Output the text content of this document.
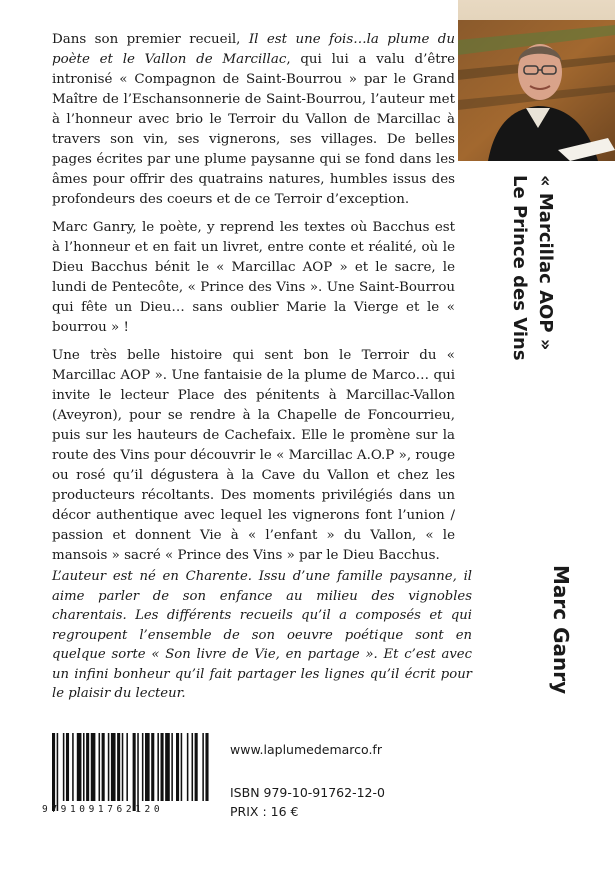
Dans son premier recueil, Il est une fois…la plume du poète et le Vallon de Marcillac, qui lui a valu d’être intronisé « Compagnon de Saint-Bourrou » par le Grand Maître de l’Eschansonnerie de Saint-Bourrou, l’auteur met à l’honneur avec brio le Terroir du Vallon de Marcillac à travers son vin, ses vignerons, ses villages. De belles pages écrites par une plume paysanne qui se fond dans les âmes pour offrir des quatrains natures, humbles issus des profondeurs des coeurs et de ce Terroir d’exception.

Marc Ganry, le poète, y reprend les textes où Bacchus est à l’honneur et en fait un livret, entre conte et réalité, où le Dieu Bacchus bénit le « Marcillac AOP » et le sacre, le lundi de Pentecôte, « Prince des Vins ». Une Saint-Bourrou qui fête un Dieu… sans oublier Marie la Vierge et le « bourrou » !

Une très belle histoire qui sent bon le Terroir du « Marcillac AOP ». Une fantaisie de la plume de Marco… qui invite le lecteur Place des pénitents à Marcillac-Vallon (Aveyron), pour se rendre à la Chapelle de Foncourrieu, puis sur les hauteurs de Cachefaix. Elle le promène sur la route des Vins pour découvrir le « Marcillac A.O.P », rouge ou rosé qu’il dégustera à la Cave du Vallon et chez les producteurs récoltants. Des moments privilégiés dans un décor authentique avec lequel les vignerons font l’union / passion et donnent Vie à « l’enfant » du Vallon, « le mansois » sacré « Prince des Vins » par le Dieu Bacchus.

L’auteur est né en Charente. Issu d’une famille paysanne, il aime parler de son enfance au milieu des vignobles charentais. Les différents recueils qu’il a composés et qui regroupent l’ensemble de son oeuvre poétique sont en quelque sorte « Son livre de Vie, en partage ». Et c’est avec un infini bonheur qu’il fait partager les lignes qu’il écrit pour le plaisir du lecteur.
« Marcillac AOP »
Le Prince des Vins
Marc Ganry
9791091762120
www.laplumedemarco.fr
ISBN 979-10-91762-12-0
PRIX : 16 €
